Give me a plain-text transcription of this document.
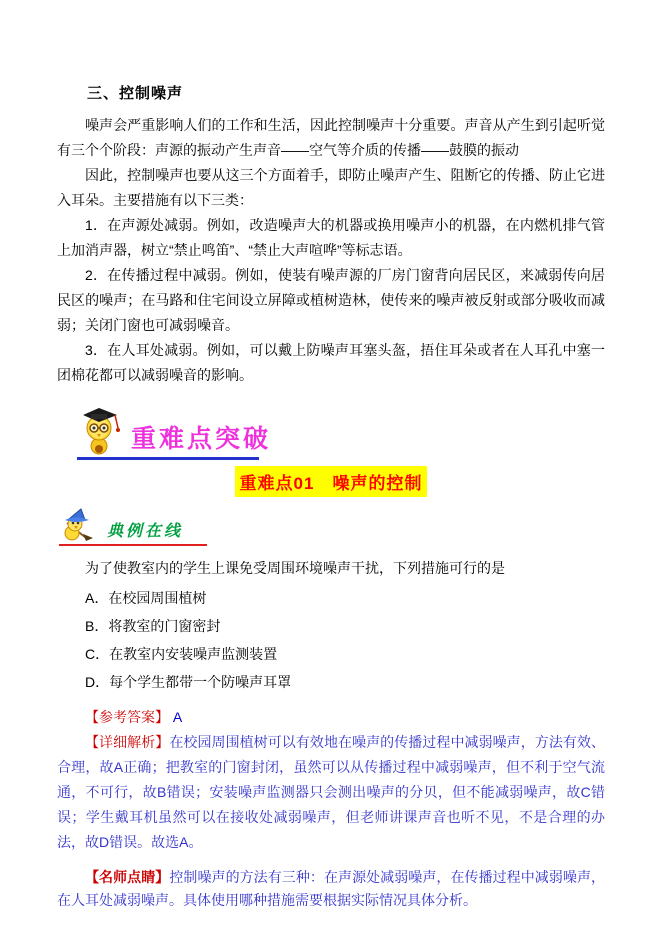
三、控制噪声

噪声会严重影响人们的工作和生活，因此控制噪声十分重要。声音从产生到引起听觉有三个个阶段：声源的振动产生声音——空气等介质的传播——鼓膜的振动

因此，控制噪声也要从这三个方面着手，即防止噪声产生、阻断它的传播、防止它进入耳朵。主要措施有以下三类：

1．在声源处减弱。例如，改造噪声大的机器或换用噪声小的机器，在内燃机排气管上加消声器，树立“禁止鸣笛”、“禁止大声喧哗”等标志语。

2．在传播过程中减弱。例如，使装有噪声源的厂房门窗背向居民区，来减弱传向居民区的噪声；在马路和住宅间设立屏障或植树造林，使传来的噪声被反射或部分吸收而减弱；关闭门窗也可减弱噪音。

3．在人耳处减弱。例如，可以戴上防噪声耳塞头盔，捂住耳朵或者在人耳孔中塞一团棉花都可以减弱噪音的影响。

重难点突破
重难点01　噪声的控制
典例在线

为了使教室内的学生上课免受周围环境噪声干扰，下列措施可行的是

A．在校园周围植树

B．将教室的门窗密封

C．在教室内安装噪声监测装置

D．每个学生都带一个防噪声耳罩

【参考答案】 A

【详细解析】在校园周围植树可以有效地在噪声的传播过程中减弱噪声，方法有效、合理，故A正确；把教室的门窗封闭，虽然可以从传播过程中减弱噪声，但不利于空气流通，不可行，故B错误；安装噪声监测器只会测出噪声的分贝，但不能减弱噪声，故C错误；学生戴耳机虽然可以在接收处减弱噪声，但老师讲课声音也听不见，不是合理的办法，故D错误。故选A。

【名师点睛】控制噪声的方法有三种：在声源处减弱噪声，在传播过程中减弱噪声，在人耳处减弱噪声。具体使用哪种措施需要根据实际情况具体分析。
